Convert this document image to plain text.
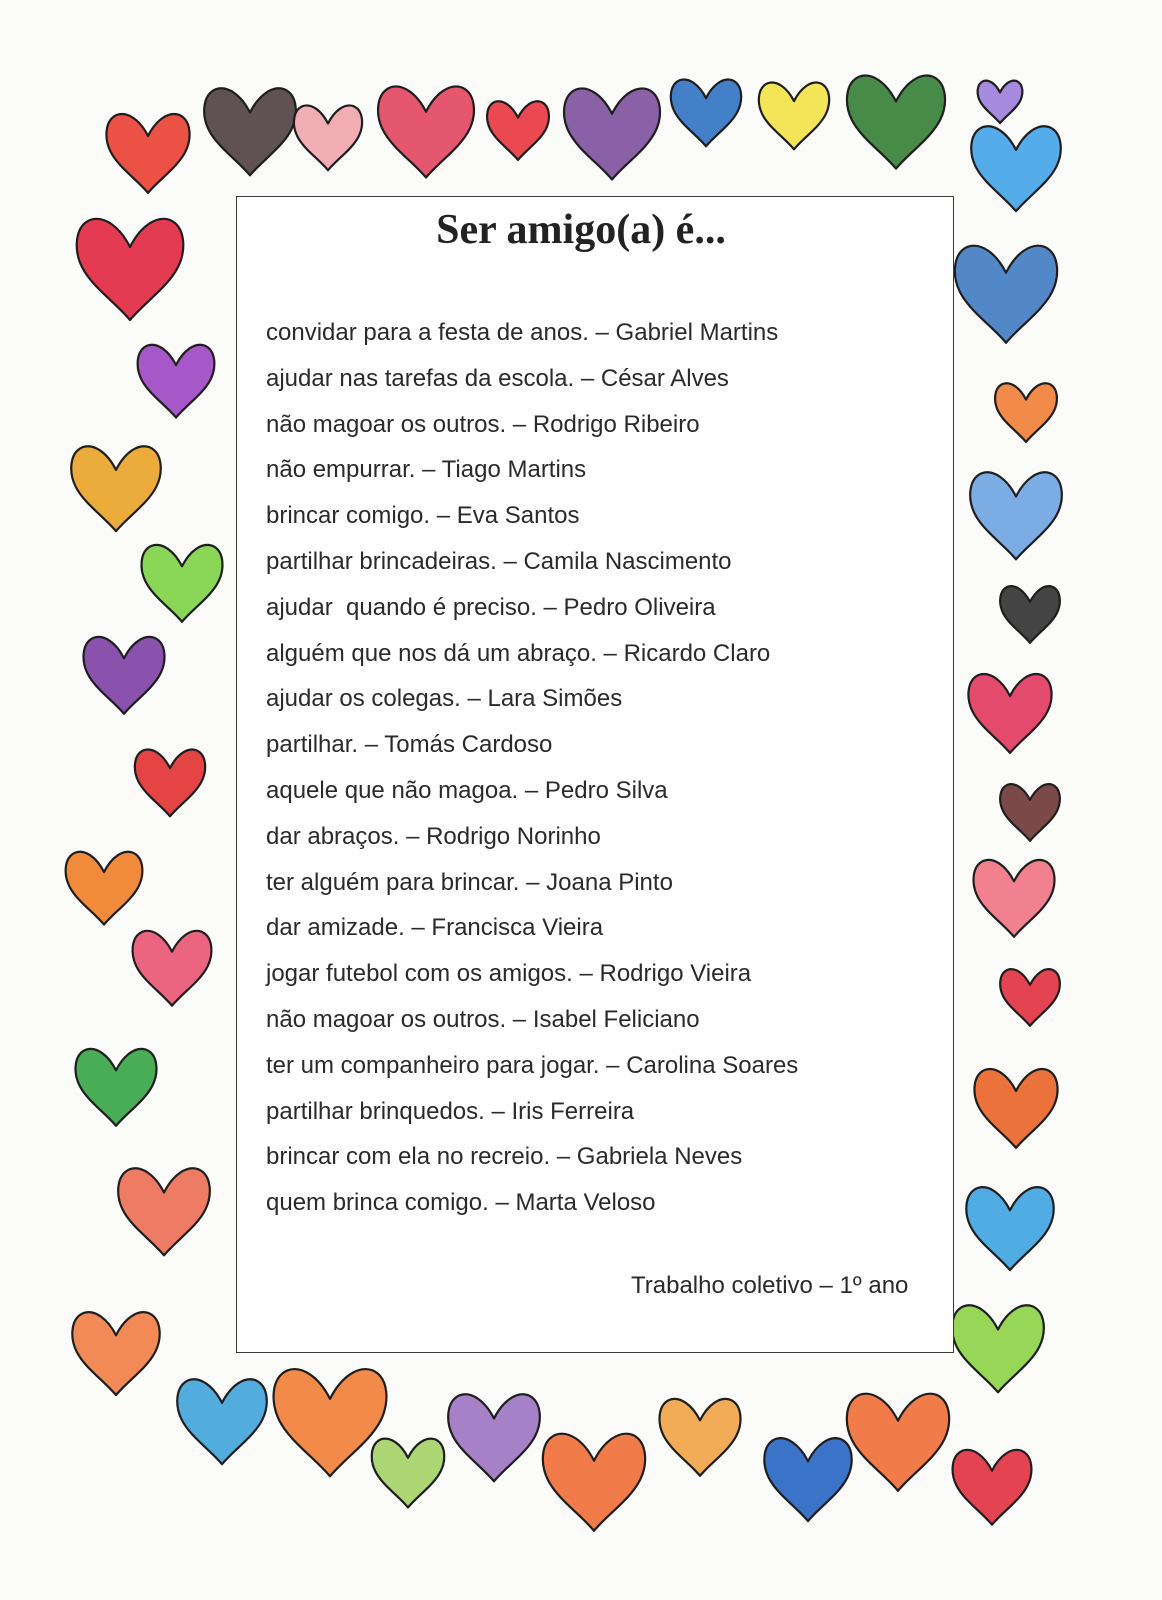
Ser amigo(a) é...
convidar para a festa de anos. – Gabriel Martins
ajudar nas tarefas da escola. – César Alves
não magoar os outros. – Rodrigo Ribeiro
não empurrar. – Tiago Martins
brincar comigo. – Eva Santos
partilhar brincadeiras. – Camila Nascimento
ajudar  quando é preciso. – Pedro Oliveira
alguém que nos dá um abraço. – Ricardo Claro
ajudar os colegas. – Lara Simões
partilhar. – Tomás Cardoso
aquele que não magoa. – Pedro Silva
dar abraços. – Rodrigo Norinho
ter alguém para brincar. – Joana Pinto
dar amizade. – Francisca Vieira
jogar futebol com os amigos. – Rodrigo Vieira
não magoar os outros. – Isabel Feliciano
ter um companheiro para jogar. – Carolina Soares
partilhar brinquedos. – Iris Ferreira
brincar com ela no recreio. – Gabriela Neves
quem brinca comigo. – Marta Veloso
Trabalho coletivo – 1º ano
